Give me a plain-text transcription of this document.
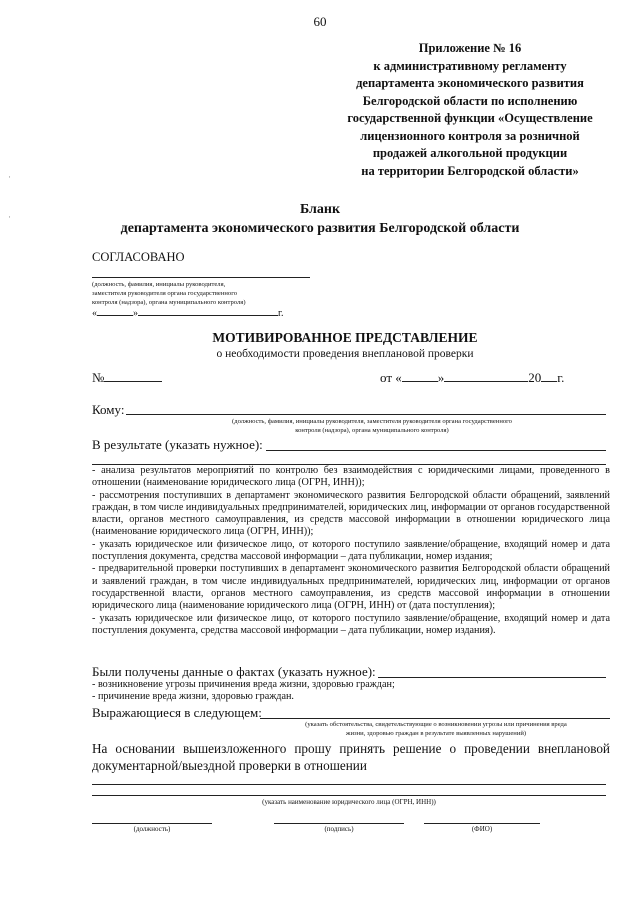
60
·
·
Приложение № 16
к административному регламенту
департамента экономического развития
Белгородской области по исполнению
государственной функции «Осуществление
лицензионного контроля за розничной
продажей алкогольной продукции
на территории Белгородской области»
Бланк
департамента экономического развития Белгородской области
СОГЛАСОВАНО
(должность, фамилия, инициалы руководителя,
заместителя руководителя органа государственного
контроля (надзора), органа муниципального контроля)
«	»	г.
МОТИВИРОВАННОЕ ПРЕДСТАВЛЕНИЕ
о необходимости проведения внеплановой проверки
№	от «	»	20 г.
Кому:
(должность, фамилия, инициалы руководителя, заместителя руководителя органа государственного
контроля (надзора), органа муниципального контроля)
В результате (указать нужное):
- анализа результатов мероприятий по контролю без взаимодействия с юридическими лицами, проведенного в отношении (наименование юридического лица (ОГРН, ИНН));
- рассмотрения поступивших в департамент экономического развития Белгородской области обращений, заявлений граждан, в том числе индивидуальных предпринимателей, юридических лиц, информации от органов государственной власти, органов местного самоуправления, из средств массовой информации в отношении юридического лица (наименование юридического лица (ОГРН, ИНН));
- указать юридическое или физическое лицо, от которого поступило заявление/обращение, входящий номер и дата поступления документа, средства массовой информации – дата публикации, номер издания;
- предварительной проверки поступивших в департамент экономического развития Белгородской области обращений и заявлений граждан, в том числе индивидуальных предпринимателей, юридических лиц, информации от органов государственной власти, органов местного самоуправления, из средств массовой информации в отношении юридического лица (наименование юридического лица (ОГРН, ИНН) от (дата поступления);
- указать юридическое или физическое лицо, от которого поступило заявление/обращение, входящий номер и дата поступления документа, средства массовой информации – дата публикации, номер издания).
Были получены данные о фактах (указать нужное):
- возникновение угрозы причинения вреда жизни, здоровью граждан;
- причинение вреда жизни, здоровью граждан.
Выражающиеся в следующем:
(указать обстоятельства, свидетельствующие о возникновении угрозы или причинения вреда
жизни, здоровью граждан в результате выявленных нарушений)
На основании вышеизложенного прошу принять решение о проведении внеплановой документарной/выездной проверки в отношении
(указать наименование юридического лица (ОГРН, ИНН))
(должность)	(подпись)	(ФИО)
